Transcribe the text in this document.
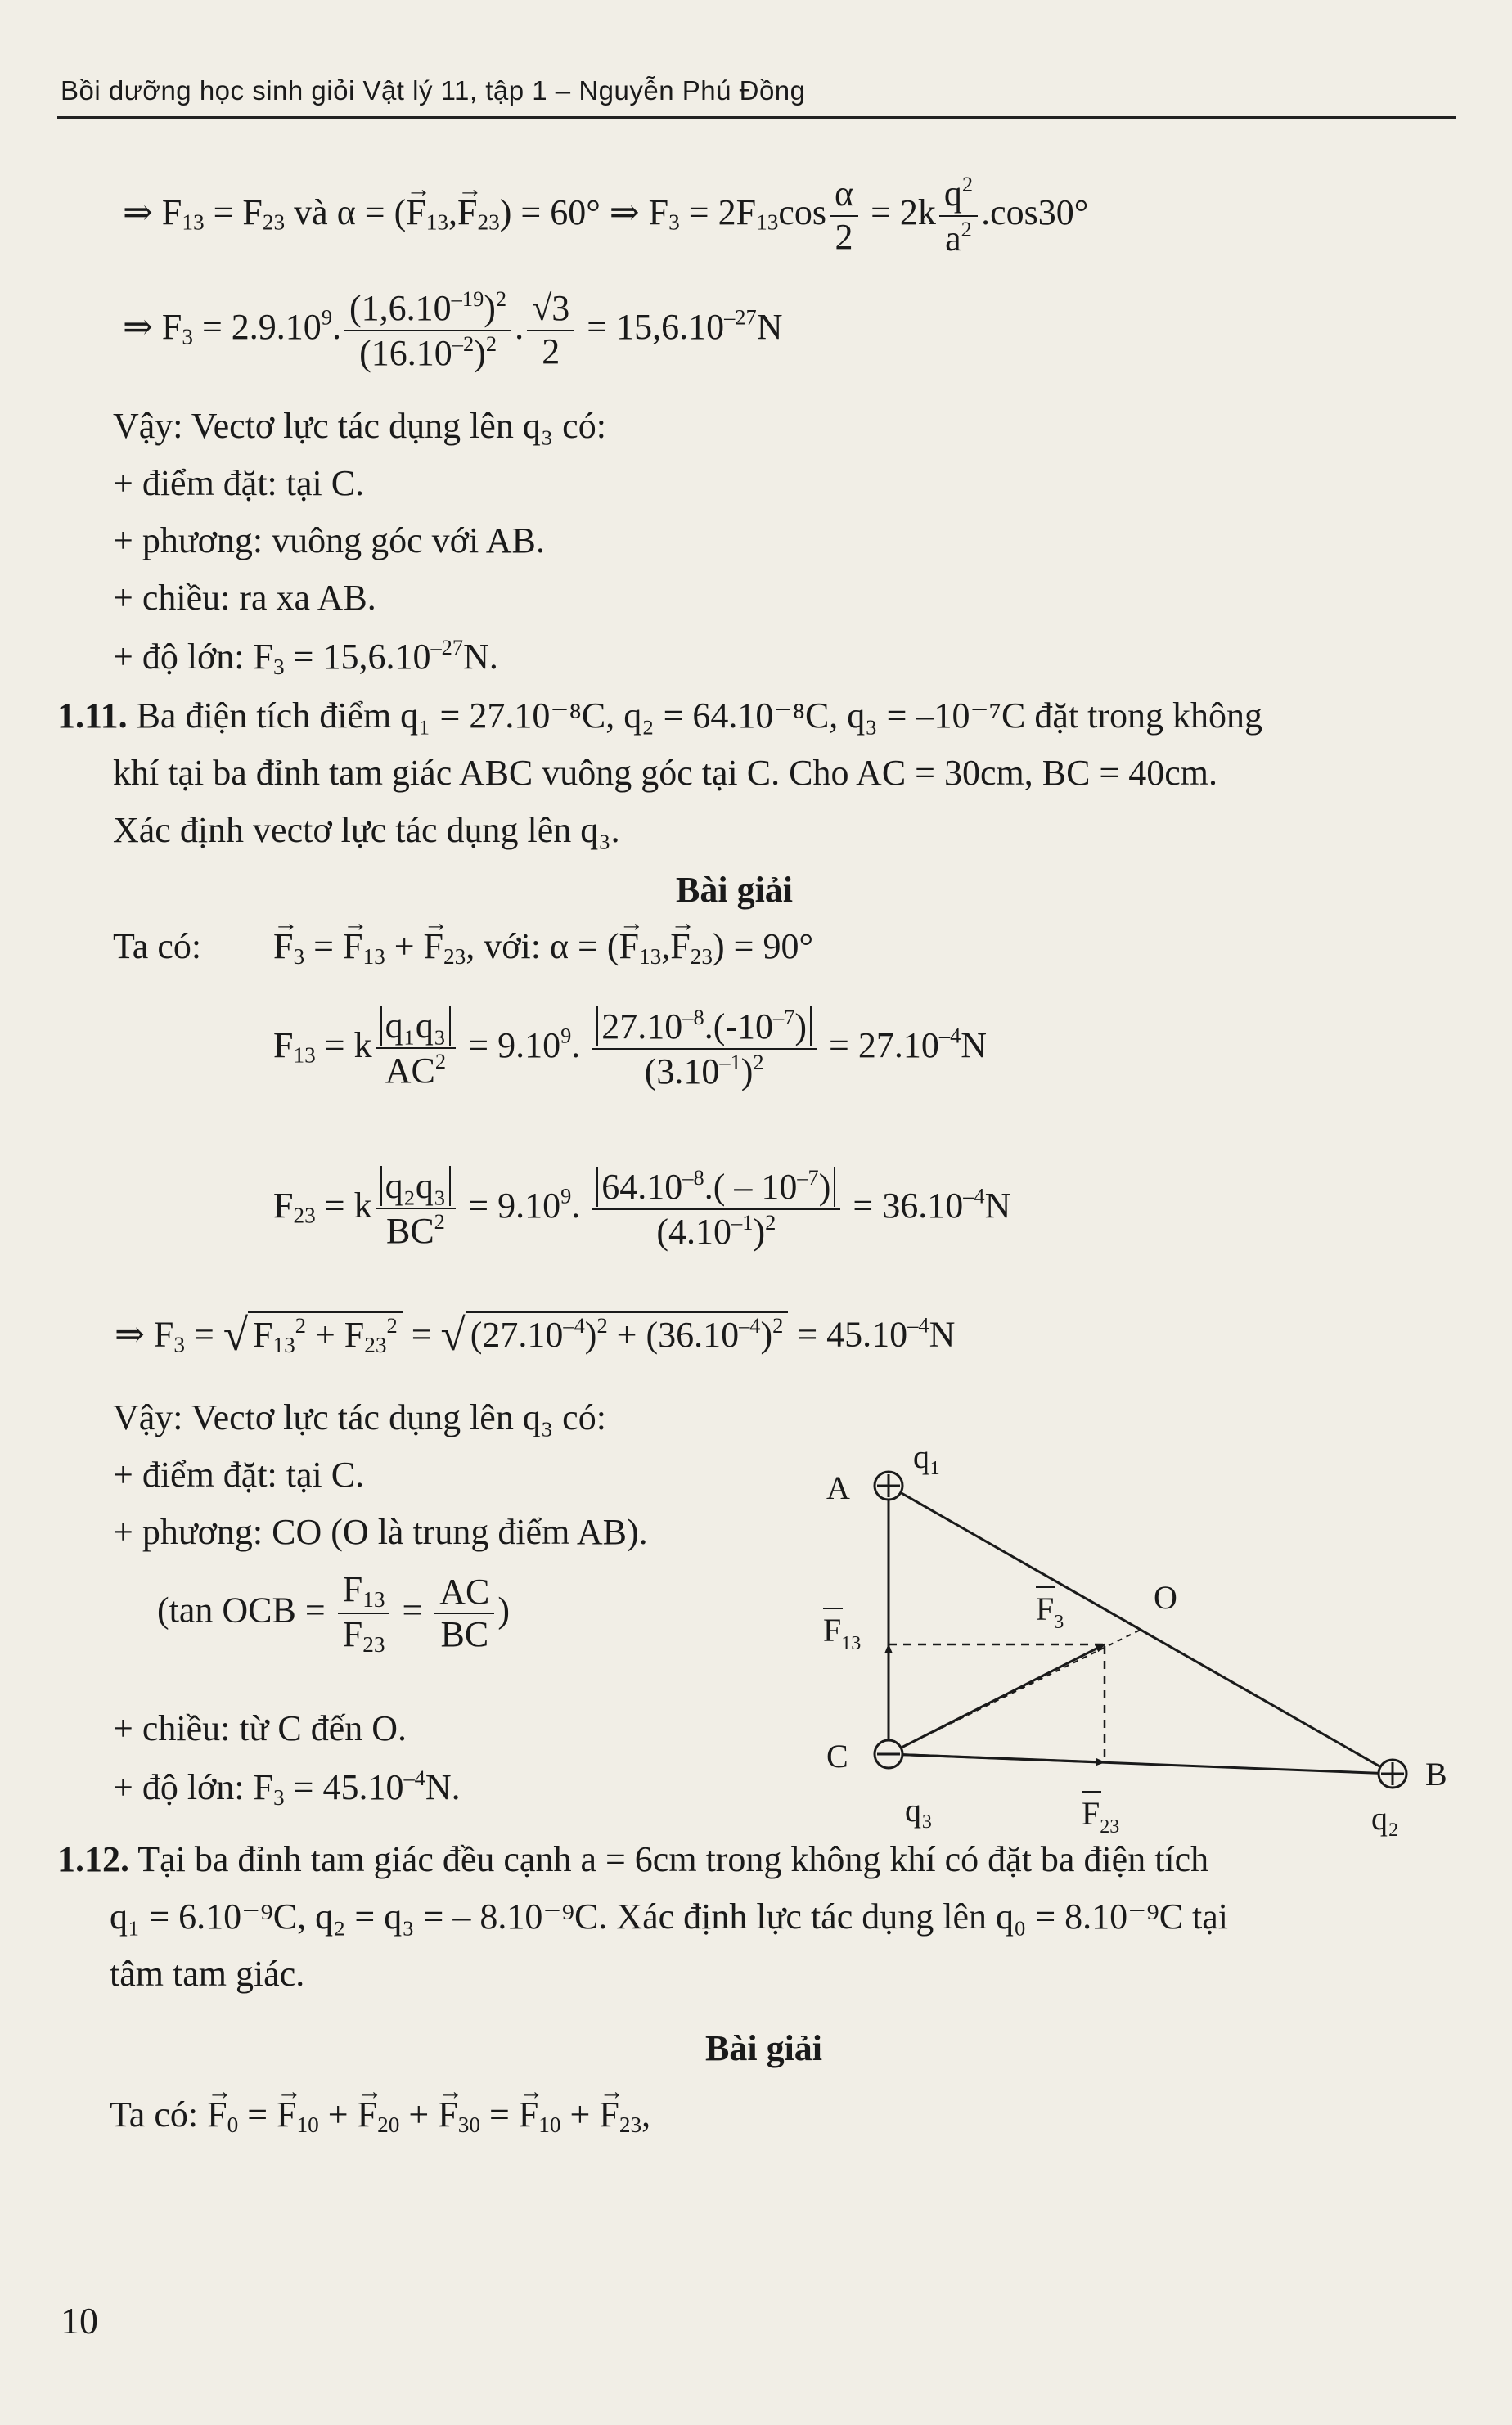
Bồi dưỡng học sinh giỏi Vật lý 11, tập 1 – Nguyễn Phú Đồng
⇒ $F_{13} = F_{23}$ và α = (→ $F_{13},\to F_{23}) = 60^\circ$ ⇒ $F_3 = 2F_{13}\cos \frac{\alpha}{2} = 2k \frac{q^2}{a^2} .\cos 30^\circ$
⇒ $F_3 = 2.9.10^9$. $\frac{(1,6.10^{-19})^2}{(16.10^{-2})^2}$ . $\frac{√3}{2} = 15,6.10^{-27}N$
Vậy: Vectơ lực tác dụng lên q₃ có:
+ điểm đặt: tại C.
+ phương: vuông góc với AB.
+ chiều: ra xa AB.
+ độ lớn: $F_3 = 15,6.10^{-27}N$.
1.11. Ba điện tích điểm q₁ = 27.10⁻⁸C, q₂ = 64.10⁻⁸C, q₃ = –10⁻⁷C đặt trong không
khí tại ba đỉnh tam giác ABC vuông góc tại C. Cho AC = 30cm, BC = 40cm.
Xác định vectơ lực tác dụng lên q₃.
Bài giải
Ta có:
→ $F_3$ = → $F_{13}$ + → $F_{23}$, với: α = (→ $F_{13},\to F_{23}) = 90^\circ$
$F_{13} = k \frac{\text{q₁q₃}}{AC^2} = 9.10^9$. $\frac{27.10^{-8}.(-10^{-7})}{(3.10^{-1})^2} = 27.10^{-4}N$
$F_{23} = k \frac{\text{q₂q₃}}{BC^2} = 9.10^9$. $\frac{64.10^{-8}.( - 10^{-7})}{(4.10^{-1})^2} = 36.10^{-4}N$
⇒ $F_3$ = √ $F_{13}^2 + F_{23}^2$ = √ $(27.10^{-4})^2 + (36.10^{-4})^2 = 45.10^{-4}N$
Vậy: Vectơ lực tác dụng lên q₃ có:
+ điểm đặt: tại C.
+ phương: CO (O là trung điểm AB).
(tan OCB = $\frac{F_{13}}{F_{23}} = \frac{AC}{BC}$ )
+ chiều: từ C đến O.
+ độ lớn: $F_3 = 45.10^{-4}N$.
A
q₁
C
q₃
B
q₂
O
$F_{13}$
$F_3$
$F_{23}$
1.12. Tại ba đỉnh tam giác đều cạnh a = 6cm trong không khí có đặt ba điện tích
q₁ = 6.10⁻⁹C, q₂ = q₃ = – 8.10⁻⁹C. Xác định lực tác dụng lên q₀ = 8.10⁻⁹C tại
tâm tam giác.
Bài giải
Ta có: → $F_0$ = → $F_{10}$ + → $F_{20}$ + → $F_{30}$ = → $F_{10}$ + → $F_{23}$,
10
